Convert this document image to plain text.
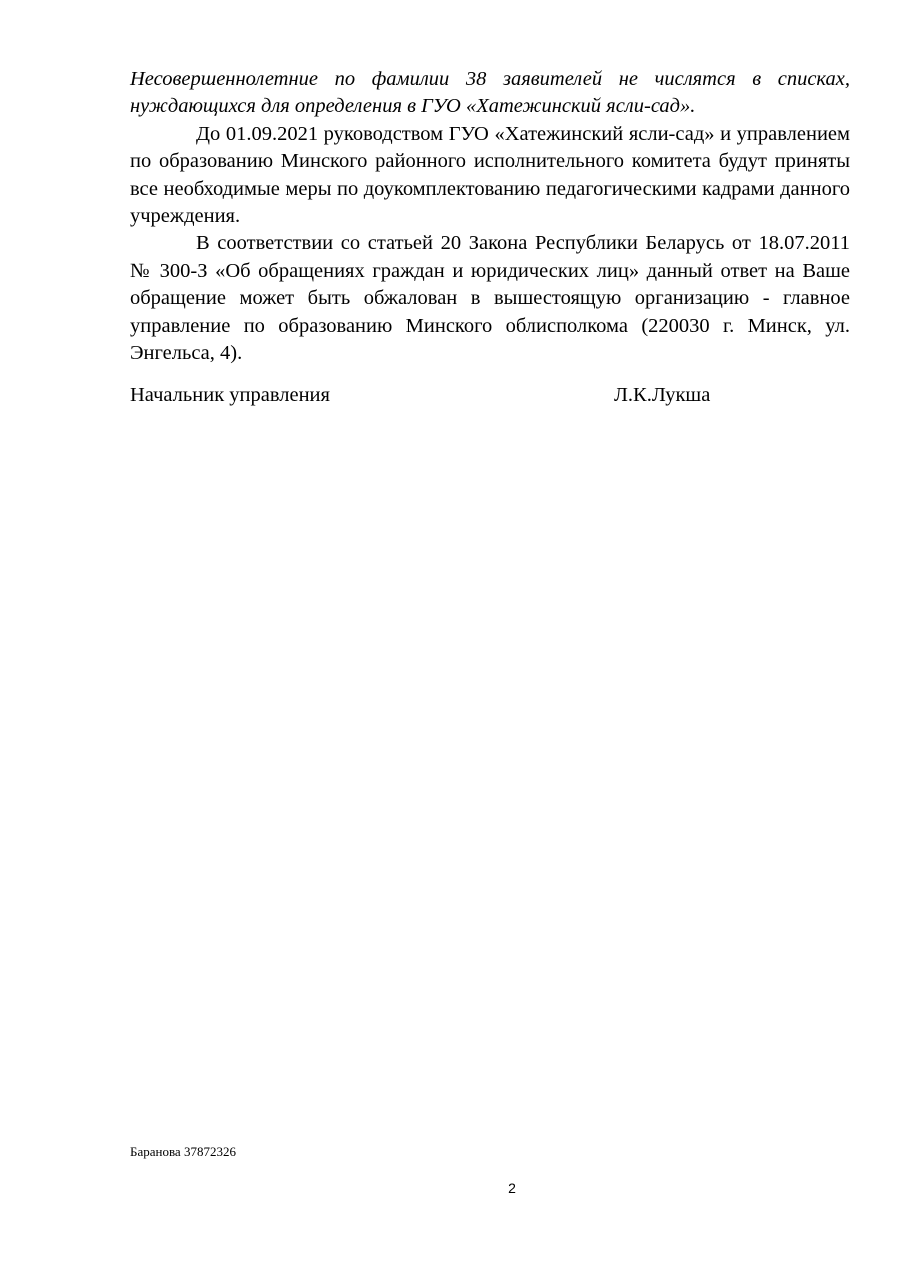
Несовершеннолетние по фамилии 38 заявителей не числятся в списках, нуждающихся для определения в ГУО «Хатежинский ясли-сад».

До 01.09.2021 руководством ГУО «Хатежинский ясли-сад» и управлением по образованию Минского районного исполнительного комитета будут приняты все необходимые меры по доукомплектованию педагогическими кадрами данного учреждения.

В соответствии со статьей 20 Закона Республики Беларусь от 18.07.2011 № 300-З «Об обращениях граждан и юридических лиц» данный ответ на Ваше обращение может быть обжалован в вышестоящую организацию - главное управление по образованию Минского облисполкома (220030 г. Минск, ул. Энгельса, 4).

Начальник управления	Л.К.Лукша
Баранова 37872326
2
